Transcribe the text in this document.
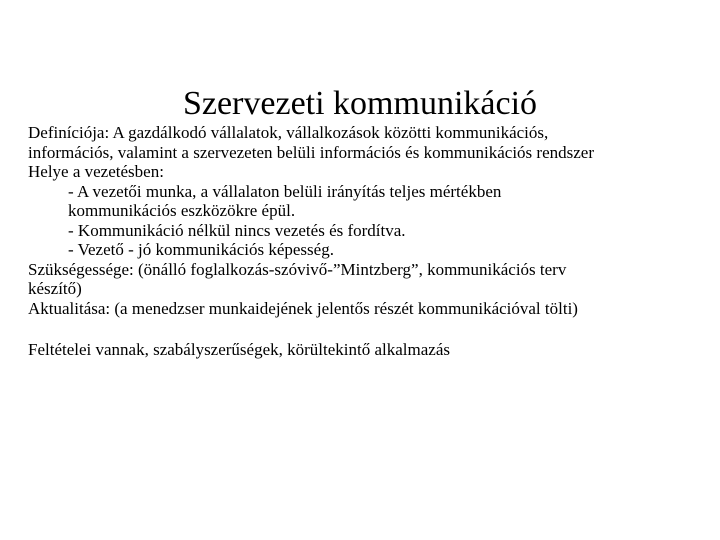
Szervezeti kommunikáció
Definíciója: A gazdálkodó vállalatok, vállalkozások közötti kommunikációs,
információs, valamint a szervezeten belüli információs és kommunikációs rendszer
Helye a vezetésben:
- A vezetői munka, a vállalaton belüli irányítás teljes mértékben
kommunikációs eszközökre épül.
- Kommunikáció nélkül nincs vezetés és fordítva.
- Vezető - jó kommunikációs képesség.
Szükségessége: (önálló foglalkozás-szóvivő-”Mintzberg”, kommunikációs terv
készítő)
Aktualitása: (a menedzser munkaidejének jelentős részét kommunikációval tölti)
Feltételei vannak, szabályszerűségek, körültekintő alkalmazás
